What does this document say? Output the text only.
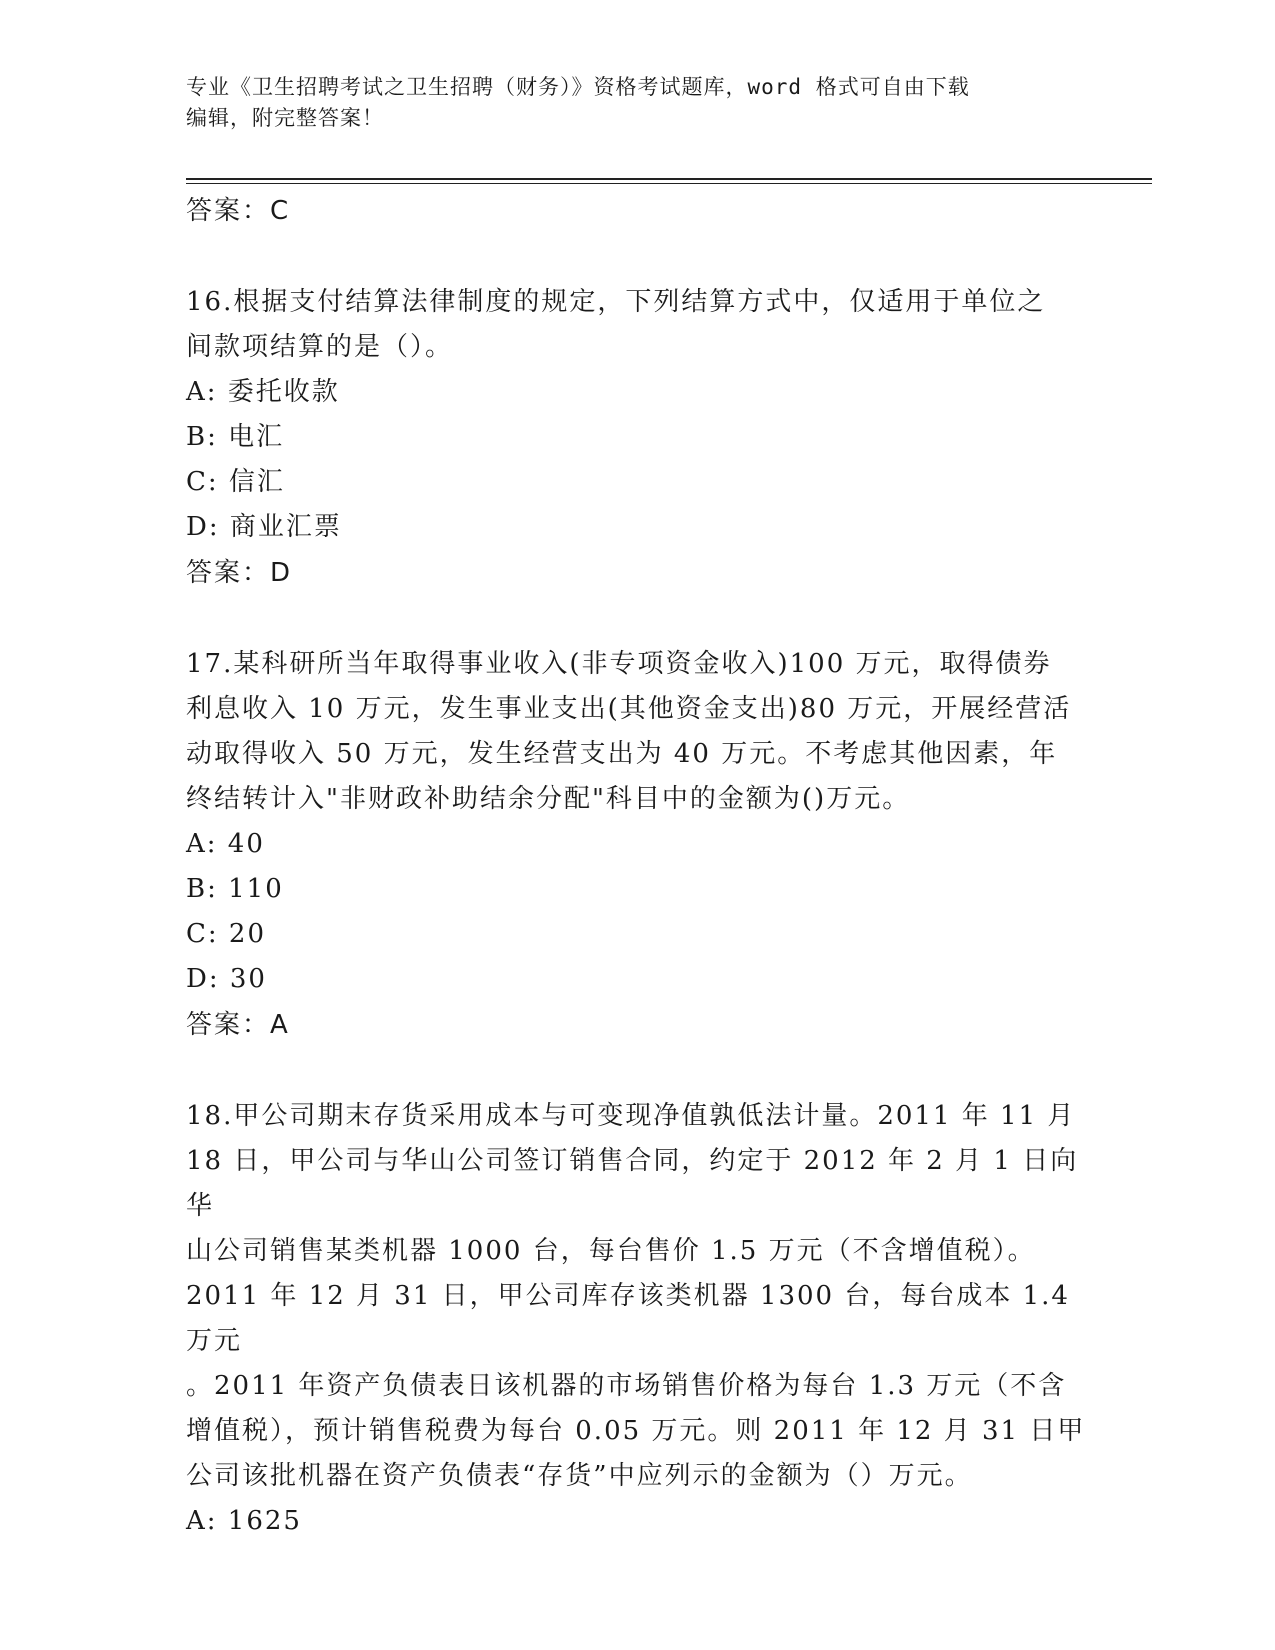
专业《卫生招聘考试之卫生招聘（财务）》资格考试题库，word 格式可自由下载
编辑，附完整答案！
答案：C
16.根据支付结算法律制度的规定，下列结算方式中，仅适用于单位之
间款项结算的是（）。
A: 委托收款
B: 电汇
C: 信汇
D: 商业汇票
答案：D
17.某科研所当年取得事业收入(非专项资金收入)100 万元，取得债券
利息收入 10 万元，发生事业支出(其他资金支出)80 万元，开展经营活
动取得收入 50 万元，发生经营支出为 40 万元。不考虑其他因素，年
终结转计入"非财政补助结余分配"科目中的金额为()万元。
A: 40
B: 110
C: 20
D: 30
答案：A
18.甲公司期末存货采用成本与可变现净值孰低法计量。2011 年 11 月
18 日，甲公司与华山公司签订销售合同，约定于 2012 年 2 月 1 日向华
山公司销售某类机器 1000 台，每台售价 1.5 万元（不含增值税）。
2011 年 12 月 31 日，甲公司库存该类机器 1300 台，每台成本 1.4 万元
。2011 年资产负债表日该机器的市场销售价格为每台 1.3 万元（不含
增值税），预计销售税费为每台 0.05 万元。则 2011 年 12 月 31 日甲
公司该批机器在资产负债表“存货”中应列示的金额为（）万元。
A: 1625
